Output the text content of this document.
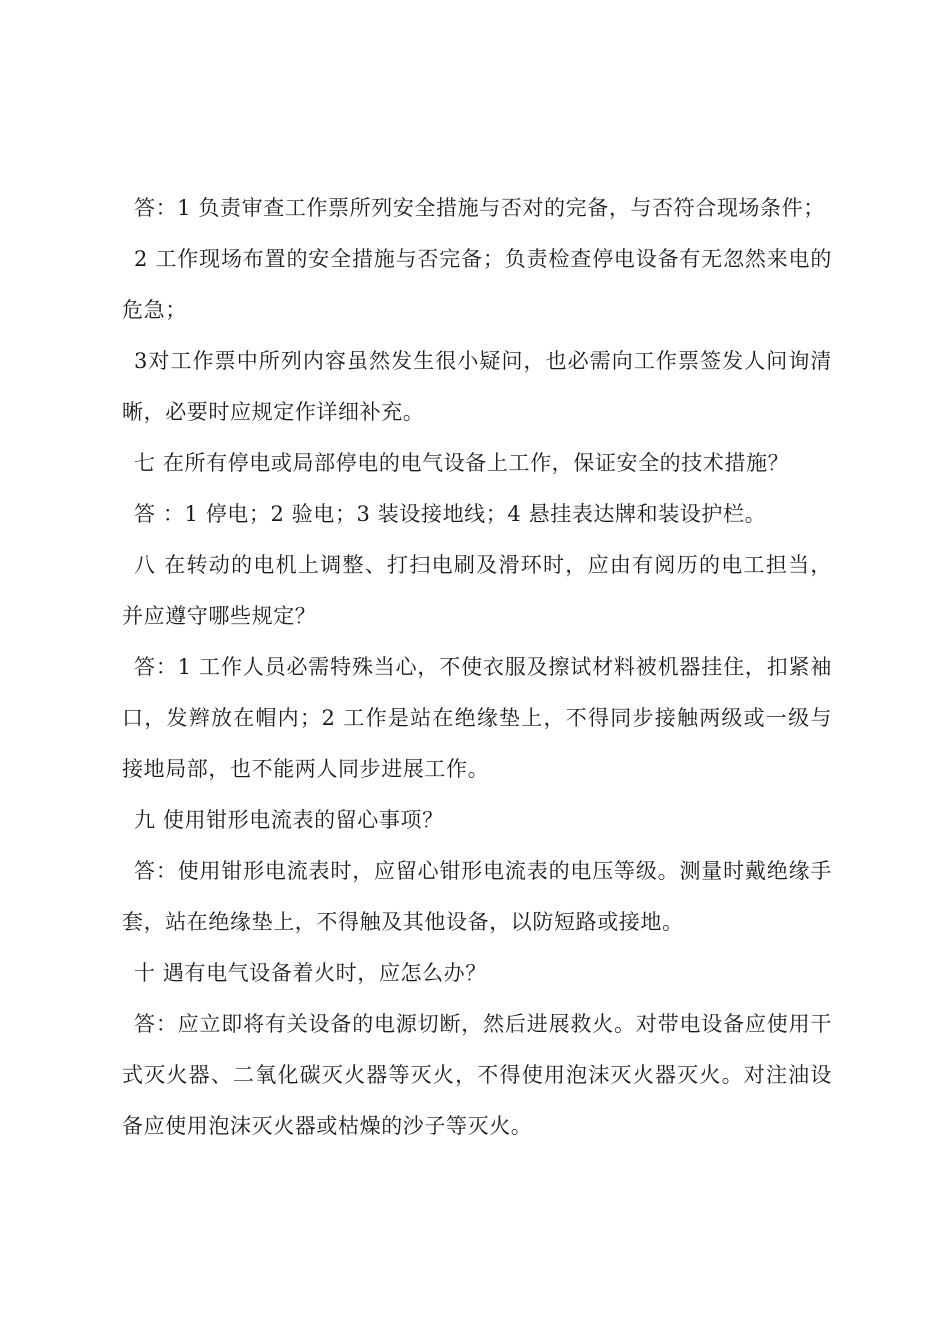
答：1 负责审查工作票所列安全措施与否对的完备，与否符合现场条件；

2 工作现场布置的安全措施与否完备；负责检查停电设备有无忽然来电的危急；

3对工作票中所列内容虽然发生很小疑问，也必需向工作票签发人问询清晰，必要时应规定作详细补充。

七 在所有停电或局部停电的电气设备上工作，保证安全的技术措施？

答 ：1 停电；2 验电；3 装设接地线；4 悬挂表达牌和装设护栏。

八 在转动的电机上调整、打扫电刷及滑环时，应由有阅历的电工担当，并应遵守哪些规定？

答：1 工作人员必需特殊当心，不使衣服及擦试材料被机器挂住，扣紧袖口，发辫放在帽内；2 工作是站在绝缘垫上，不得同步接触两级或一级与接地局部，也不能两人同步进展工作。

九 使用钳形电流表的留心事项？

答：使用钳形电流表时，应留心钳形电流表的电压等级。测量时戴绝缘手套，站在绝缘垫上，不得触及其他设备，以防短路或接地。

十 遇有电气设备着火时，应怎么办？

答：应立即将有关设备的电源切断，然后进展救火。对带电设备应使用干式灭火器、二氧化碳灭火器等灭火，不得使用泡沫灭火器灭火。对注油设备应使用泡沫灭火器或枯燥的沙子等灭火。
